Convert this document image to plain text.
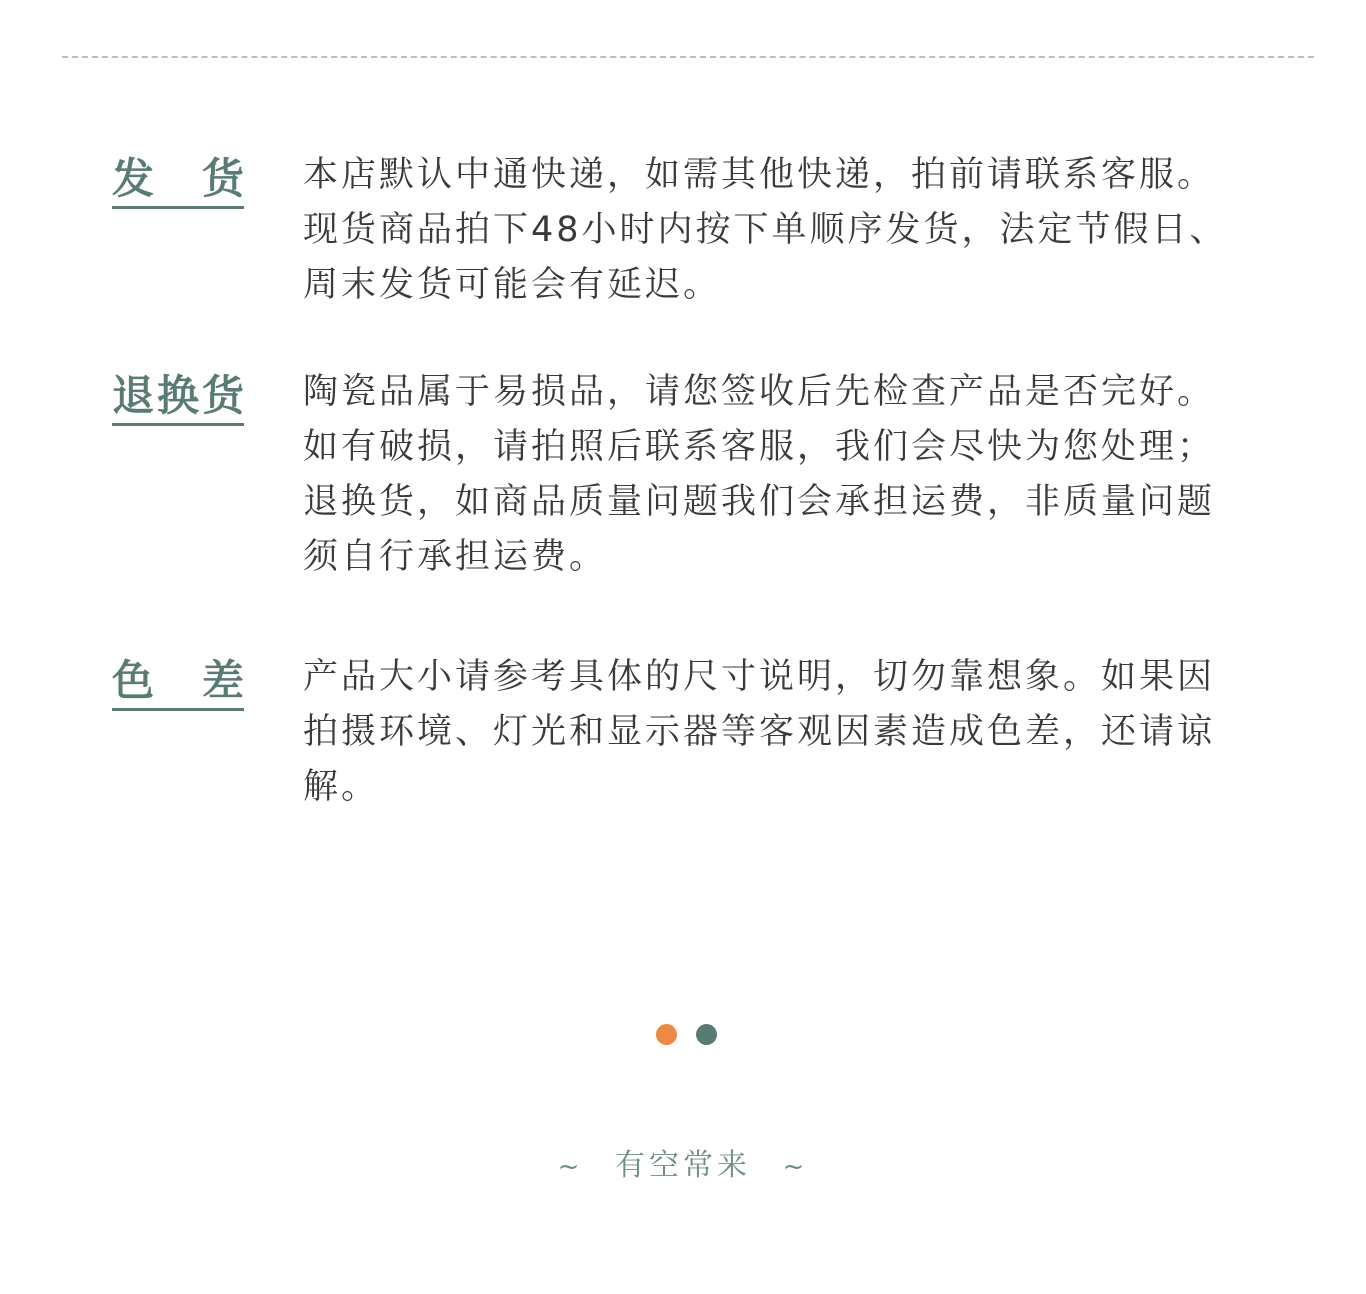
发货 本店默认中通快递，如需其他快递，拍前请联系客服。
现货商品拍下48小时内按下单顺序发货，法定节假日、
周末发货可能会有延迟。

退换货 陶瓷品属于易损品，请您签收后先检查产品是否完好。
如有破损，请拍照后联系客服，我们会尽快为您处理；
退换货，如商品质量问题我们会承担运费，非质量问题
须自行承担运费。

色差 产品大小请参考具体的尺寸说明，切勿靠想象。如果因
拍摄环境、灯光和显示器等客观因素造成色差，还请谅
解。

~ 有空常来 ~
